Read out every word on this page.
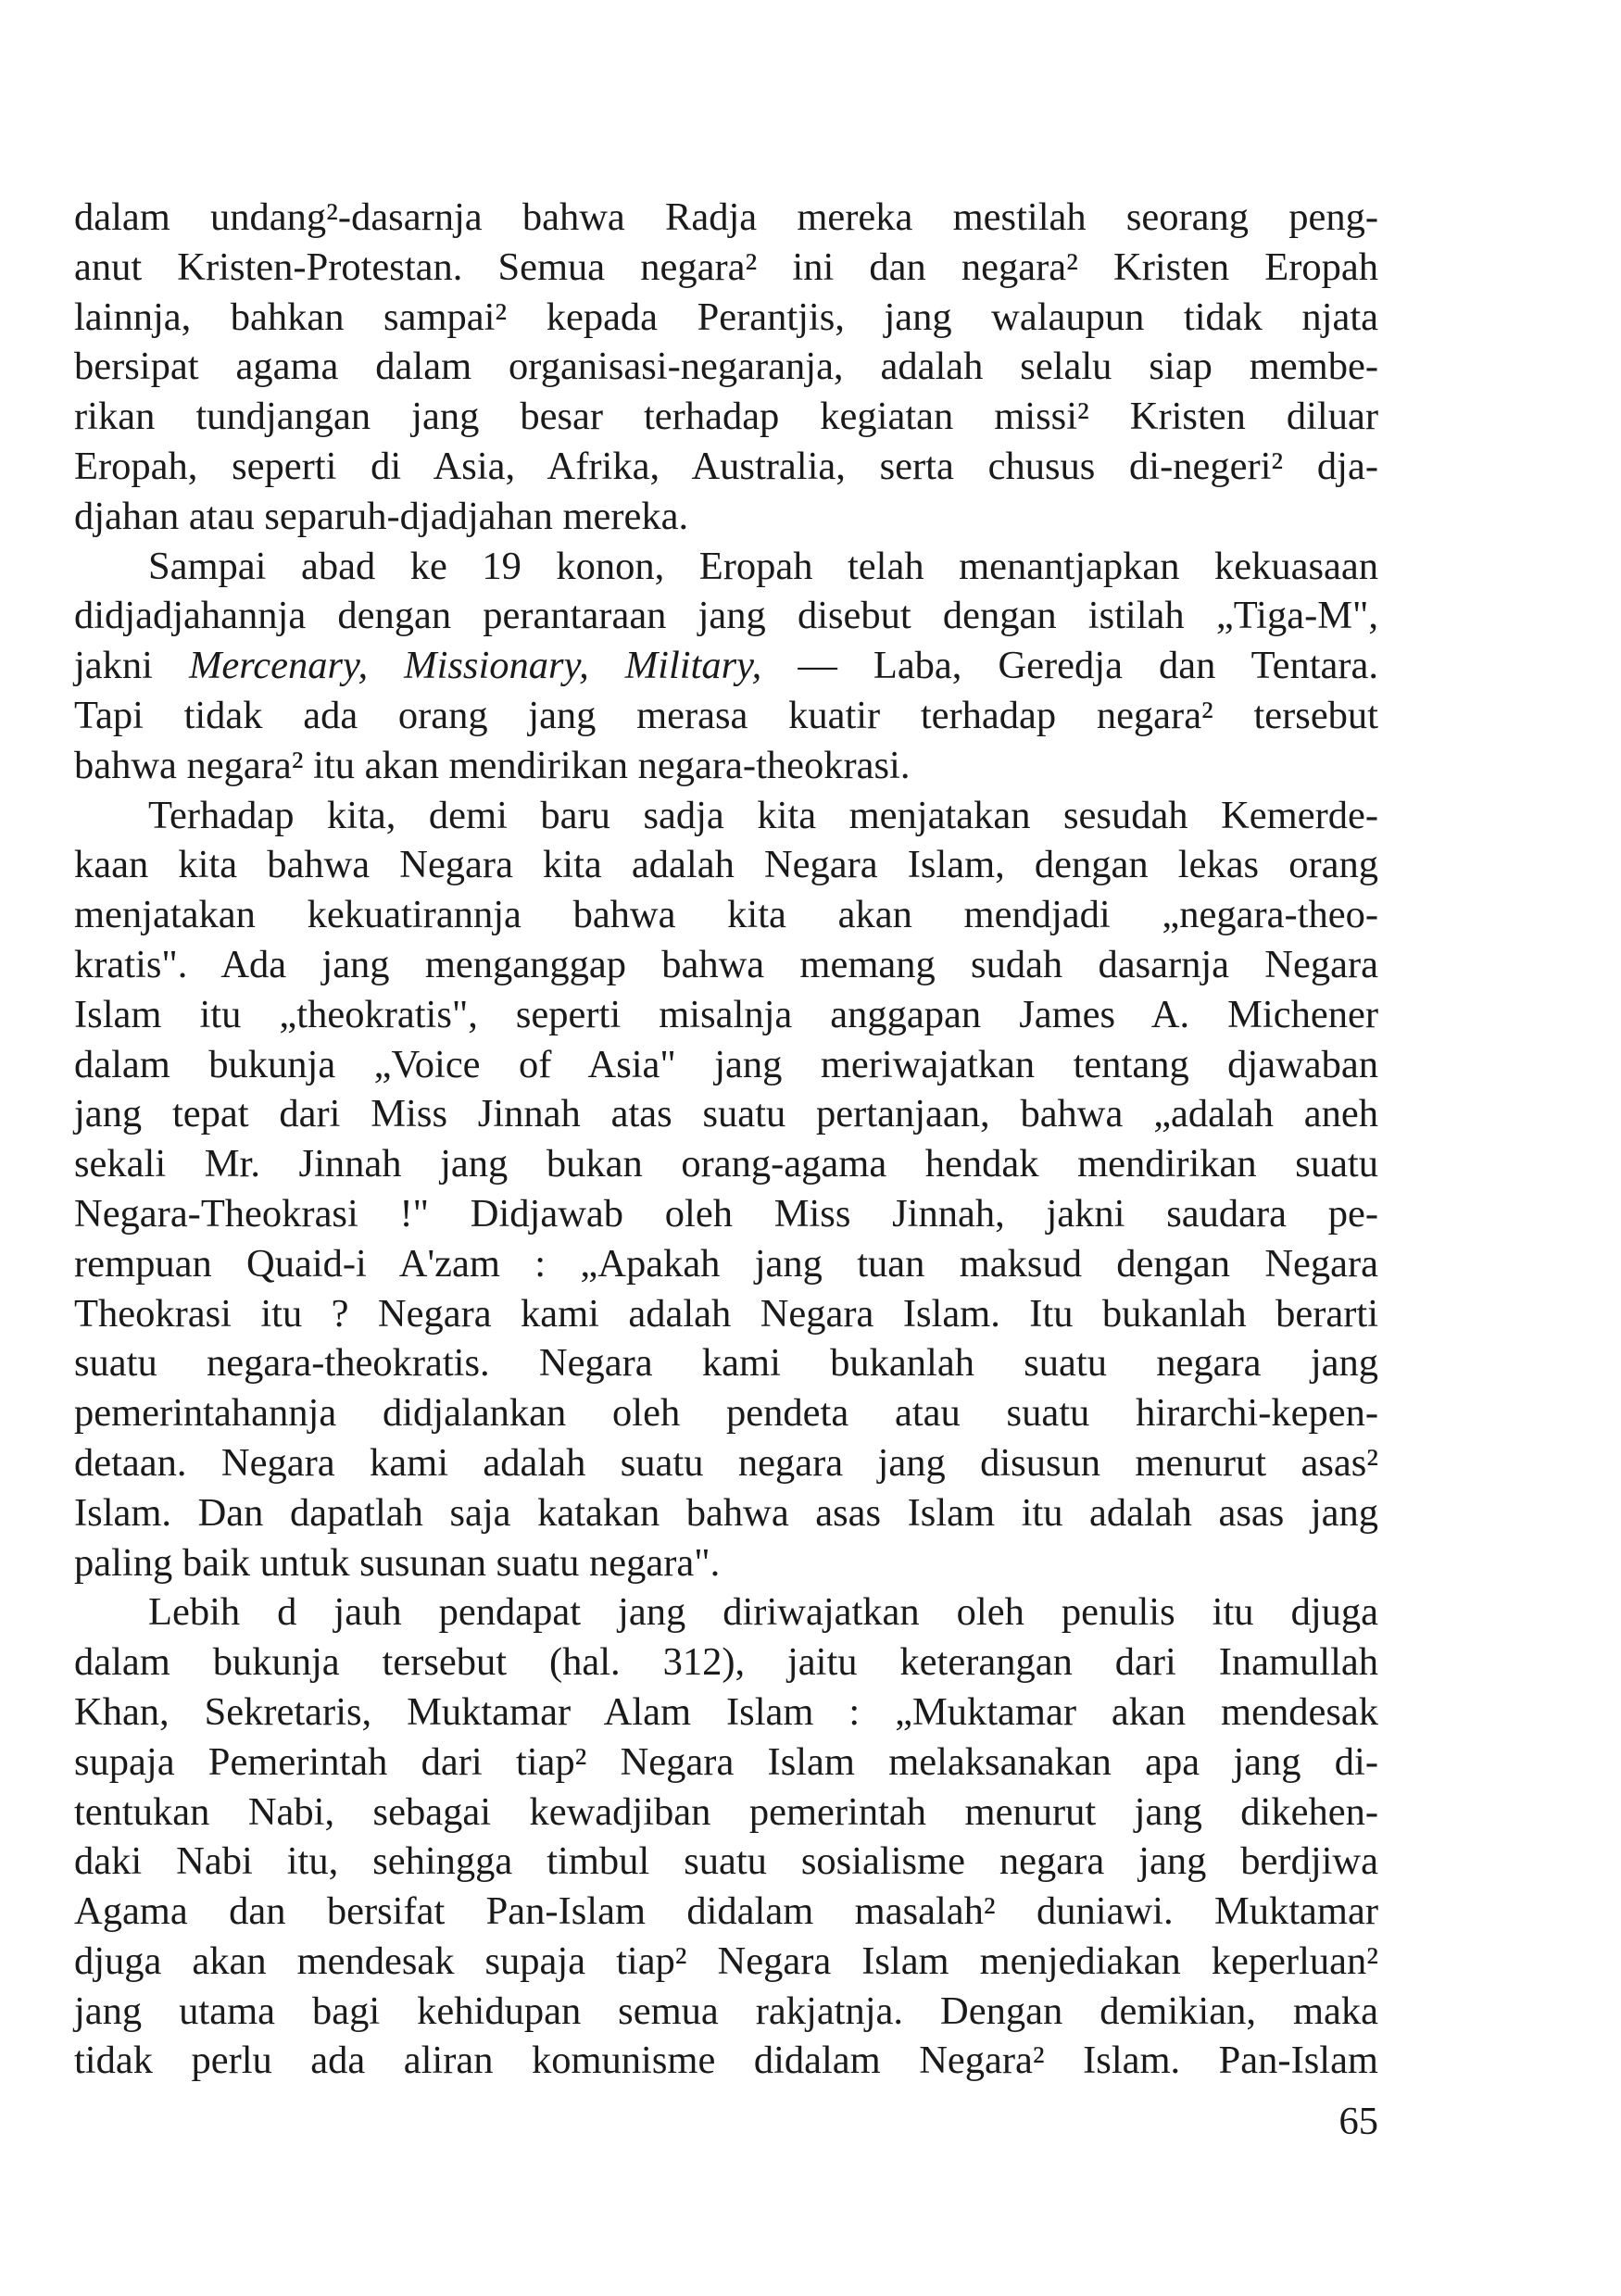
dalam undang²-dasarnja bahwa Radja mereka mestilah seorang peng-
anut Kristen-Protestan. Semua negara² ini dan negara² Kristen Eropah
lainnja, bahkan sampai² kepada Perantjis, jang walaupun tidak njata
bersipat agama dalam organisasi-negaranja, adalah selalu siap membe-
rikan tundjangan jang besar terhadap kegiatan missi² Kristen diluar
Eropah, seperti di Asia, Afrika, Australia, serta chusus di-negeri² dja-
djahan atau separuh-djadjahan mereka.
Sampai abad ke 19 konon, Eropah telah menantjapkan kekuasaan
didjadjahannja dengan perantaraan jang disebut dengan istilah „Tiga-M",
jakni Mercenary, Missionary, Military, — Laba, Geredja dan Tentara.
Tapi tidak ada orang jang merasa kuatir terhadap negara² tersebut
bahwa negara² itu akan mendirikan negara-theokrasi.
Terhadap kita, demi baru sadja kita menjatakan sesudah Kemerde-
kaan kita bahwa Negara kita adalah Negara Islam, dengan lekas orang
menjatakan kekuatirannja bahwa kita akan mendjadi „negara-theo-
kratis". Ada jang menganggap bahwa memang sudah dasarnja Negara
Islam itu „theokratis", seperti misalnja anggapan James A. Michener
dalam bukunja „Voice of Asia" jang meriwajatkan tentang djawaban
jang tepat dari Miss Jinnah atas suatu pertanjaan, bahwa „adalah aneh
sekali Mr. Jinnah jang bukan orang-agama hendak mendirikan suatu
Negara-Theokrasi !" Didjawab oleh Miss Jinnah, jakni saudara pe-
rempuan Quaid-i A'zam : „Apakah jang tuan maksud dengan Negara
Theokrasi itu ? Negara kami adalah Negara Islam. Itu bukanlah berarti
suatu negara-theokratis. Negara kami bukanlah suatu negara jang
pemerintahannja didjalankan oleh pendeta atau suatu hirarchi-kepen-
detaan. Negara kami adalah suatu negara jang disusun menurut asas²
Islam. Dan dapatlah saja katakan bahwa asas Islam itu adalah asas jang
paling baik untuk susunan suatu negara".
Lebih d jauh pendapat jang diriwajatkan oleh penulis itu djuga
dalam bukunja tersebut (hal. 312), jaitu keterangan dari Inamullah
Khan, Sekretaris, Muktamar Alam Islam : „Muktamar akan mendesak
supaja Pemerintah dari tiap² Negara Islam melaksanakan apa jang di-
tentukan Nabi, sebagai kewadjiban pemerintah menurut jang dikehen-
daki Nabi itu, sehingga timbul suatu sosialisme negara jang berdjiwa
Agama dan bersifat Pan-Islam didalam masalah² duniawi. Muktamar
djuga akan mendesak supaja tiap² Negara Islam menjediakan keperluan²
jang utama bagi kehidupan semua rakjatnja. Dengan demikian, maka
tidak perlu ada aliran komunisme didalam Negara² Islam. Pan-Islam
65
